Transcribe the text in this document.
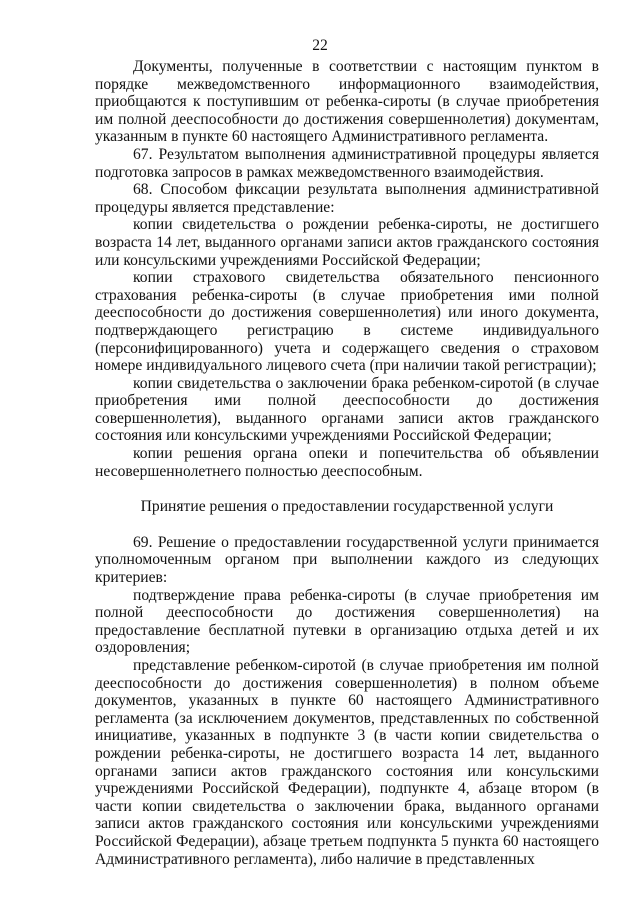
22

Документы, полученные в соответствии с настоящим пунктом в порядке межведомственного информационного взаимодействия, приобщаются к поступившим от ребенка-сироты (в случае приобретения им полной дееспособности до достижения совершеннолетия) документам, указанным в пункте 60 настоящего Административного регламента.

67. Результатом выполнения административной процедуры является подготовка запросов в рамках межведомственного взаимодействия.

68. Способом фиксации результата выполнения административной процедуры является представление:

копии свидетельства о рождении ребенка-сироты, не достигшего возраста 14 лет, выданного органами записи актов гражданского состояния или консульскими учреждениями Российской Федерации;

копии страхового свидетельства обязательного пенсионного страхования ребенка-сироты (в случае приобретения ими полной дееспособности до достижения совершеннолетия) или иного документа, подтверждающего регистрацию в системе индивидуального (персонифицированного) учета и содержащего сведения о страховом номере индивидуального лицевого счета (при наличии такой регистрации);

копии свидетельства о заключении брака ребенком-сиротой (в случае приобретения ими полной дееспособности до достижения совершеннолетия), выданного органами записи актов гражданского состояния или консульскими учреждениями Российской Федерации;

копии решения органа опеки и попечительства об объявлении несовершеннолетнего полностью дееспособным.

Принятие решения о предоставлении государственной услуги

69. Решение о предоставлении государственной услуги принимается уполномоченным органом при выполнении каждого из следующих критериев:

подтверждение права ребенка-сироты (в случае приобретения им полной дееспособности до достижения совершеннолетия) на предоставление бесплатной путевки в организацию отдыха детей и их оздоровления;

представление ребенком-сиротой (в случае приобретения им полной дееспособности до достижения совершеннолетия) в полном объеме документов, указанных в пункте 60 настоящего Административного регламента (за исключением документов, представленных по собственной инициативе, указанных в подпункте 3 (в части копии свидетельства о рождении ребенка-сироты, не достигшего возраста 14 лет, выданного органами записи актов гражданского состояния или консульскими учреждениями Российской Федерации), подпункте 4, абзаце втором (в части копии свидетельства о заключении брака, выданного органами записи актов гражданского состояния или консульскими учреждениями Российской Федерации), абзаце третьем подпункта 5 пункта 60 настоящего Административного регламента), либо наличие в представленных
